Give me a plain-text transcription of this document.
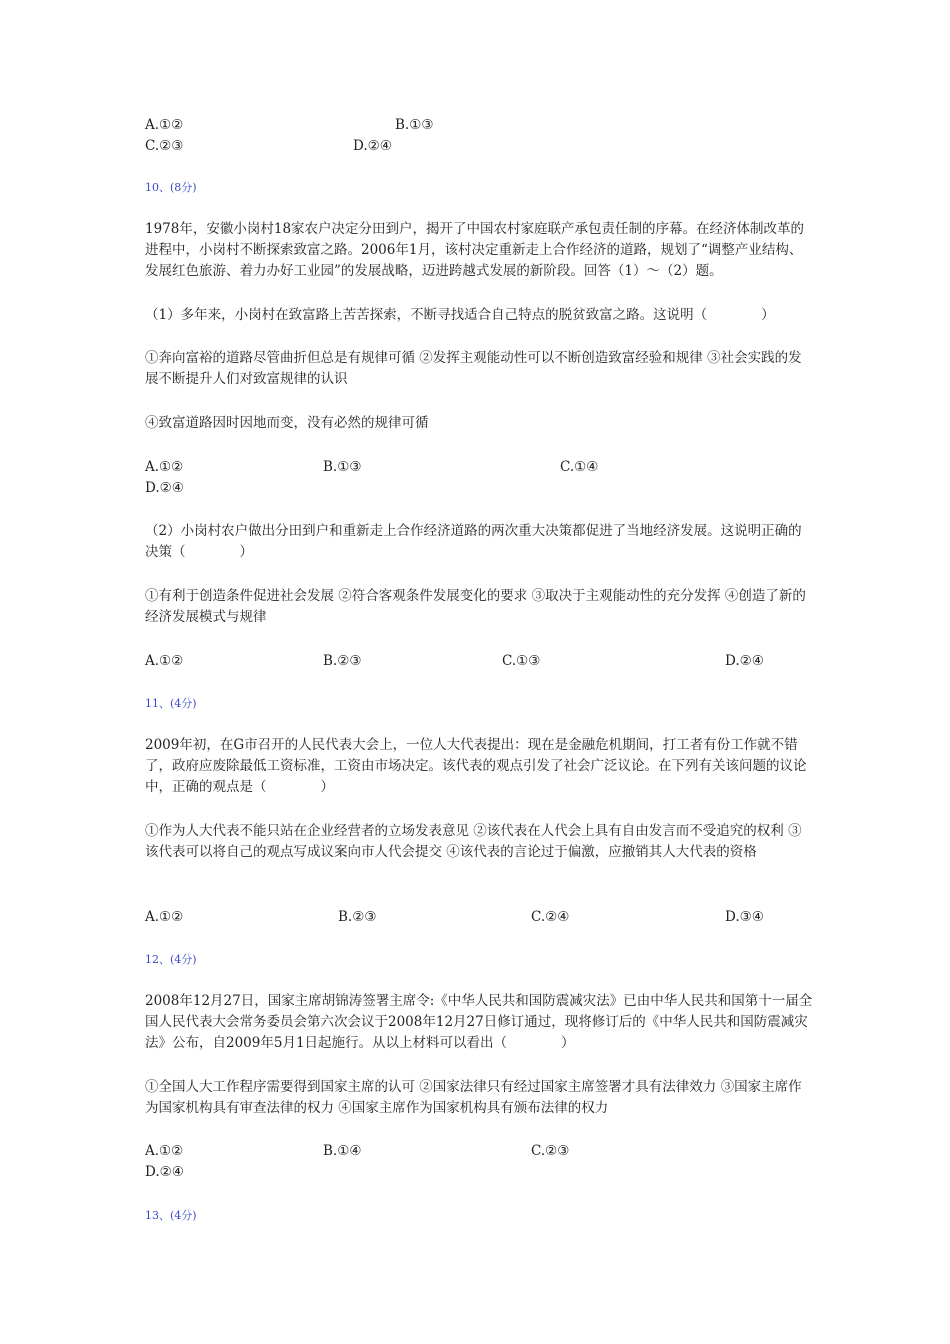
A.①②	B.①③
C.②③	D.②④
10、(8分)
1978年，安徽小岗村18家农户决定分田到户，揭开了中国农村家庭联产承包责任制的序幕。在经济体制改革的进程中，小岗村不断探索致富之路。2006年1月，该村决定重新走上合作经济的道路，规划了“调整产业结构、发展红色旅游、着力办好工业园”的发展战略，迈进跨越式发展的新阶段。回答（1）～（2）题。
（1）多年来，小岗村在致富路上苦苦探索，不断寻找适合自己特点的脱贫致富之路。这说明（　　　　）
①奔向富裕的道路尽管曲折但总是有规律可循 ②发挥主观能动性可以不断创造致富经验和规律 ③社会实践的发展不断提升人们对致富规律的认识
④致富道路因时因地而变，没有必然的规律可循
A.①②	B.①③	C.①④
D.②④
（2）小岗村农户做出分田到户和重新走上合作经济道路的两次重大决策都促进了当地经济发展。这说明正确的决策（　　　　）
①有利于创造条件促进社会发展 ②符合客观条件发展变化的要求 ③取决于主观能动性的充分发挥 ④创造了新的经济发展模式与规律
A.①②	B.②③	C.①③	D.②④
11、(4分)
2009年初，在G市召开的人民代表大会上，一位人大代表提出：现在是金融危机期间，打工者有份工作就不错了，政府应废除最低工资标准，工资由市场决定。该代表的观点引发了社会广泛议论。在下列有关该问题的议论中，正确的观点是（　　　　）
①作为人大代表不能只站在企业经营者的立场发表意见 ②该代表在人代会上具有自由发言而不受追究的权利 ③该代表可以将自己的观点写成议案向市人代会提交 ④该代表的言论过于偏激，应撤销其人大代表的资格
A.①②	B.②③	C.②④	D.③④
12、(4分)
2008年12月27日，国家主席胡锦涛签署主席令:《中华人民共和国防震减灾法》已由中华人民共和国第十一届全国人民代表大会常务委员会第六次会议于2008年12月27日修订通过，现将修订后的《中华人民共和国防震减灾法》公布，自2009年5月1日起施行。从以上材料可以看出（　　　　）
①全国人大工作程序需要得到国家主席的认可 ②国家法律只有经过国家主席签署才具有法律效力 ③国家主席作为国家机构具有审查法律的权力 ④国家主席作为国家机构具有颁布法律的权力
A.①②	B.①④	C.②③
D.②④
13、(4分)
